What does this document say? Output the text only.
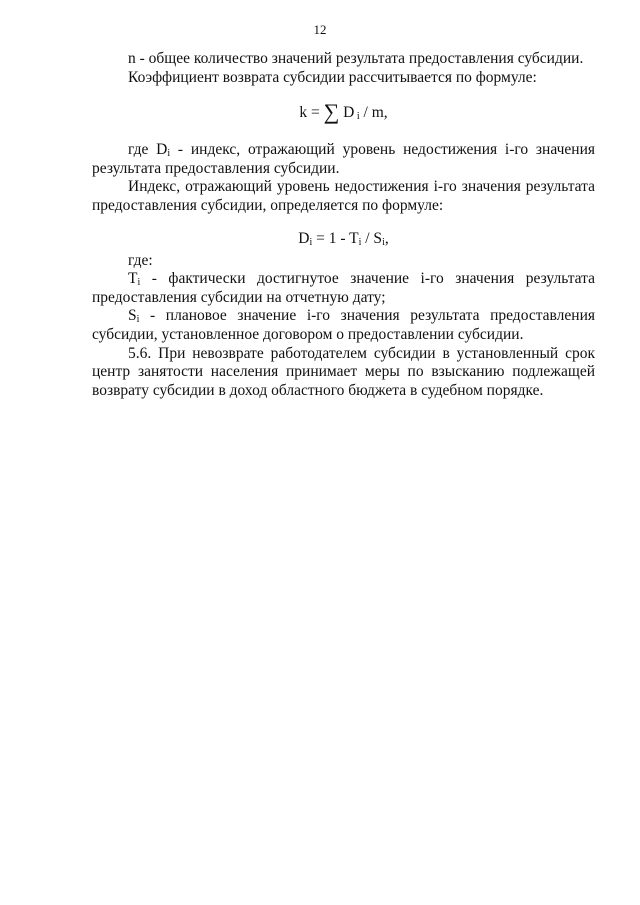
12

n - общее количество значений результата предоставления субсидии.

Коэффициент возврата субсидии рассчитывается по формуле:

k = ∑ D $_i$ / m,

где $D_i$ - индекс, отражающий уровень недостижения i-го значения результата предоставления субсидии.

Индекс, отражающий уровень недостижения i-го значения результата предоставления субсидии, определяется по формуле:

$D_i = 1 - T_i / S_i$,

где:

$T_i$ - фактически достигнутое значение i-го значения результата предоставления субсидии на отчетную дату;

$S_i$ - плановое значение i-го значения результата предоставления субсидии, установленное договором о предоставлении субсидии.

5.6. При невозврате работодателем субсидии в установленный срок центр занятости населения принимает меры по взысканию подлежащей возврату субсидии в доход областного бюджета в судебном порядке.
